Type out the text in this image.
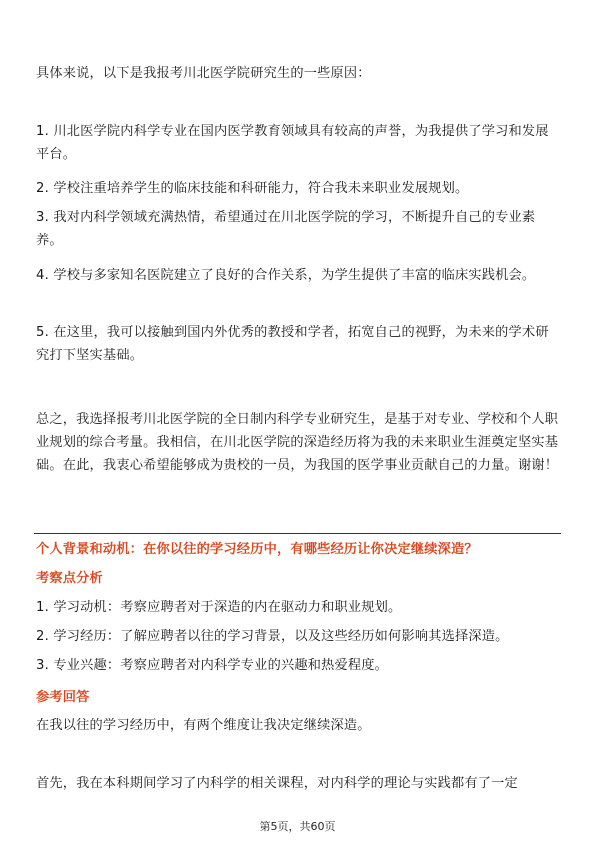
具体来说，以下是我报考川北医学院研究生的一些原因：

1. 川北医学院内科学专业在国内医学教育领域具有较高的声誉，为我提供了学习和发展平台。

2. 学校注重培养学生的临床技能和科研能力，符合我未来职业发展规划。

3. 我对内科学领域充满热情，希望通过在川北医学院的学习，不断提升自己的专业素养。

4. 学校与多家知名医院建立了良好的合作关系，为学生提供了丰富的临床实践机会。

5. 在这里，我可以接触到国内外优秀的教授和学者，拓宽自己的视野，为未来的学术研究打下坚实基础。

总之，我选择报考川北医学院的全日制内科学专业研究生，是基于对专业、学校和个人职业规划的综合考量。我相信，在川北医学院的深造经历将为我的未来职业生涯奠定坚实基础。在此，我衷心希望能够成为贵校的一员，为我国的医学事业贡献自己的力量。谢谢！

个人背景和动机：在你以往的学习经历中，有哪些经历让你决定继续深造？

考察点分析

1. 学习动机：考察应聘者对于深造的内在驱动力和职业规划。

2. 学习经历：了解应聘者以往的学习背景，以及这些经历如何影响其选择深造。

3. 专业兴趣：考察应聘者对内科学专业的兴趣和热爱程度。

参考回答

在我以往的学习经历中，有两个维度让我决定继续深造。

首先，我在本科期间学习了内科学的相关课程，对内科学的理论与实践都有了一定

第5页，共60页
